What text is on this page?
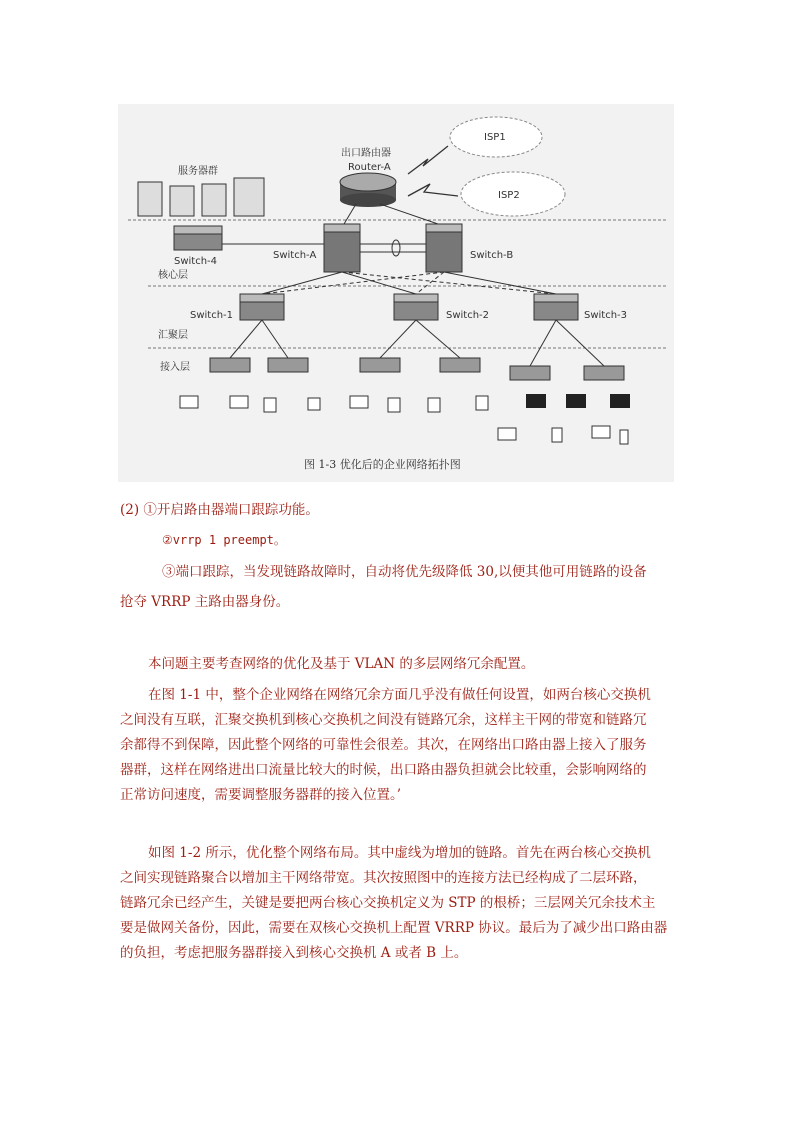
ISP1
ISP2
出口路由器
Router-A
服务器群
Switch-4
核心层
Switch-A	Switch-B
Switch-1	Switch-2	Switch-3
汇聚层
接入层
图 1-3 优化后的企业网络拓扑图
(2) ①开启路由器端口跟踪功能。
②vrrp 1 preempt。
③端口跟踪，当发现链路故障时，自动将优先级降低 30,以便其他可用链路的设备
抢夺 VRRP 主路由器身份。
本问题主要考查网络的优化及基于 VLAN 的多层网络冗余配置。
在图 1-1 中，整个企业网络在网络冗余方面几乎没有做任何设置，如两台核心交换机
之间没有互联，汇聚交换机到核心交换机之间没有链路冗余，这样主干网的带宽和链路冗
余都得不到保障，因此整个网络的可靠性会很差。其次，在网络出口路由器上接入了服务
器群，这样在网络进出口流量比较大的时候，出口路由器负担就会比较重，会影响网络的
正常访问速度，需要调整服务器群的接入位置。’
如图 1-2 所示，优化整个网络布局。其中虚线为增加的链路。首先在两台核心交换机
之间实现链路聚合以增加主干网络带宽。其次按照图中的连接方法已经构成了二层环路，
链路冗余已经产生，关键是要把两台核心交换机定义为 STP 的根桥；三层网关冗余技术主
要是做网关备份，因此，需要在双核心交换机上配置 VRRP 协议。最后为了减少出口路由器
的负担，考虑把服务器群接入到核心交换机 A 或者 B 上。
